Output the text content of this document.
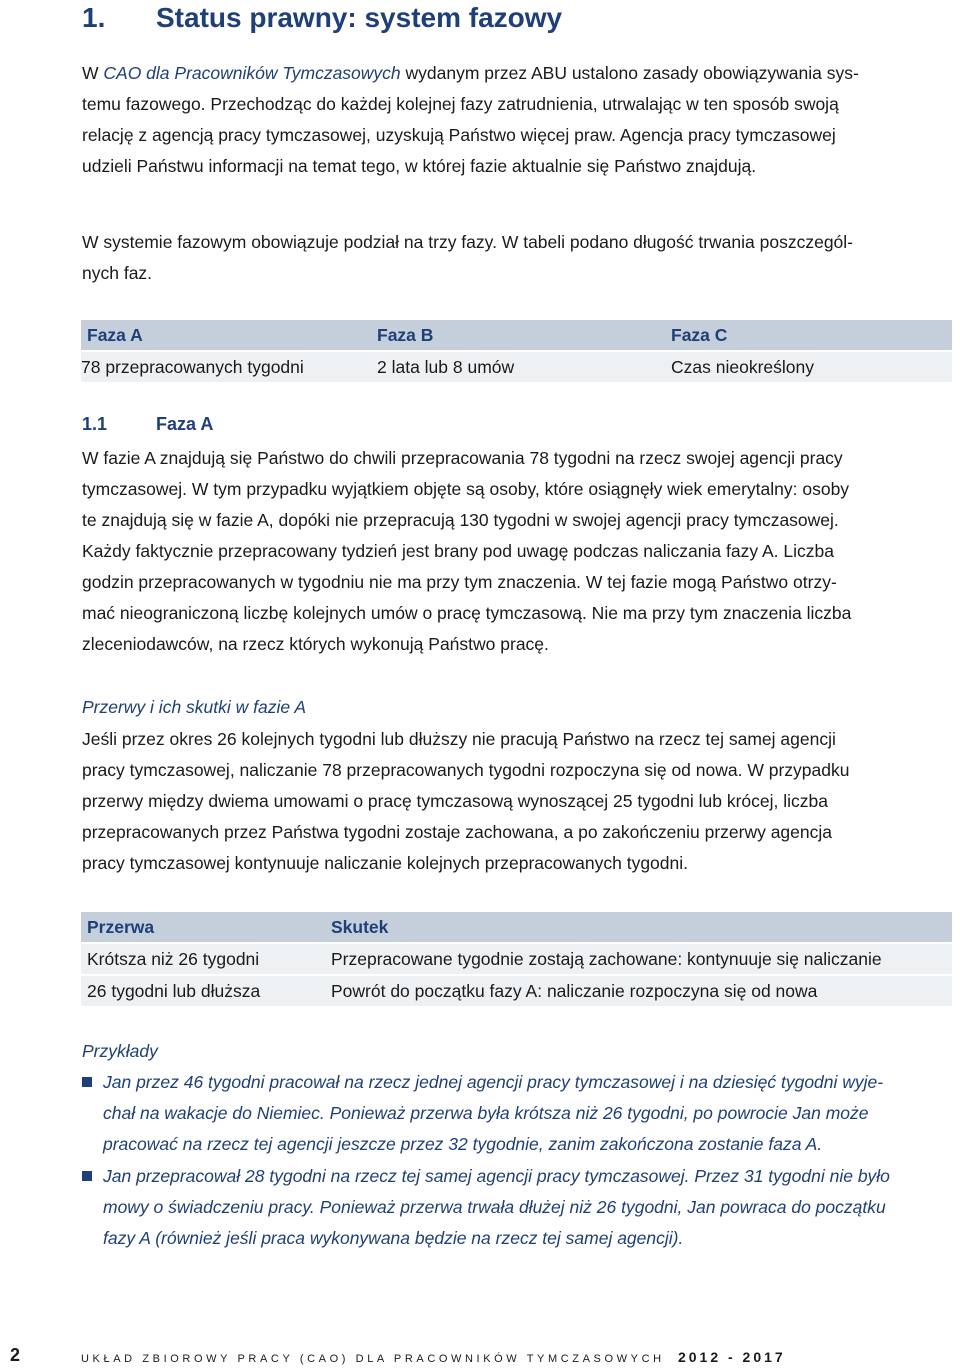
1. Status prawny: system fazowy
W CAO dla Pracowników Tymczasowych wydanym przez ABU ustalono zasady obowiązywania sys-
temu fazowego. Przechodząc do każdej kolejnej fazy zatrudnienia, utrwalając w ten sposób swoją
relację z agencją pracy tymczasowej, uzyskują Państwo więcej praw. Agencja pracy tymczasowej
udzieli Państwu informacji na temat tego, w której fazie aktualnie się Państwo znajdują.
W systemie fazowym obowiązuje podział na trzy fazy. W tabeli podano długość trwania poszczegól-
nych faz.
Faza A	Faza B	Faza C
78 przepracowanych tygodni	2 lata lub 8 umów	Czas nieokreślony
1.1	Faza A
W fazie A znajdują się Państwo do chwili przepracowania 78 tygodni na rzecz swojej agencji pracy
tymczasowej. W tym przypadku wyjątkiem objęte są osoby, które osiągnęły wiek emerytalny: osoby
te znajdują się w fazie A, dopóki nie przepracują 130 tygodni w swojej agencji pracy tymczasowej.
Każdy faktycznie przepracowany tydzień jest brany pod uwagę podczas naliczania fazy A. Liczba
godzin przepracowanych w tygodniu nie ma przy tym znaczenia. W tej fazie mogą Państwo otrzy-
mać nieograniczoną liczbę kolejnych umów o pracę tymczasową. Nie ma przy tym znaczenia liczba
zleceniodawców, na rzecz których wykonują Państwo pracę.
Przerwy i ich skutki w fazie A
Jeśli przez okres 26 kolejnych tygodni lub dłuższy nie pracują Państwo na rzecz tej samej agencji
pracy tymczasowej, naliczanie 78 przepracowanych tygodni rozpoczyna się od nowa. W przypadku
przerwy między dwiema umowami o pracę tymczasową wynoszącej 25 tygodni lub krócej, liczba
przepracowanych przez Państwa tygodni zostaje zachowana, a po zakończeniu przerwy agencja
pracy tymczasowej kontynuuje naliczanie kolejnych przepracowanych tygodni.
Przerwa	Skutek
Krótsza niż 26 tygodni	Przepracowane tygodnie zostają zachowane: kontynuuje się naliczanie
26 tygodni lub dłuższa	Powrót do początku fazy A: naliczanie rozpoczyna się od nowa
Przykłady
Jan przez 46 tygodni pracował na rzecz jednej agencji pracy tymczasowej i na dziesięć tygodni wyje-
chał na wakacje do Niemiec. Ponieważ przerwa była krótsza niż 26 tygodni, po powrocie Jan może
pracować na rzecz tej agencji jeszcze przez 32 tygodnie, zanim zakończona zostanie faza A.
Jan przepracował 28 tygodni na rzecz tej samej agencji pracy tymczasowej. Przez 31 tygodni nie było
mowy o świadczeniu pracy. Ponieważ przerwa trwała dłużej niż 26 tygodni, Jan powraca do początku
fazy A (również jeśli praca wykonywana będzie na rzecz tej samej agencji).
2	UKŁAD ZBIOROWY PRACY (CAO) DLA PRACOWNIKÓW TYMCZASOWYCH 2012 - 2017
